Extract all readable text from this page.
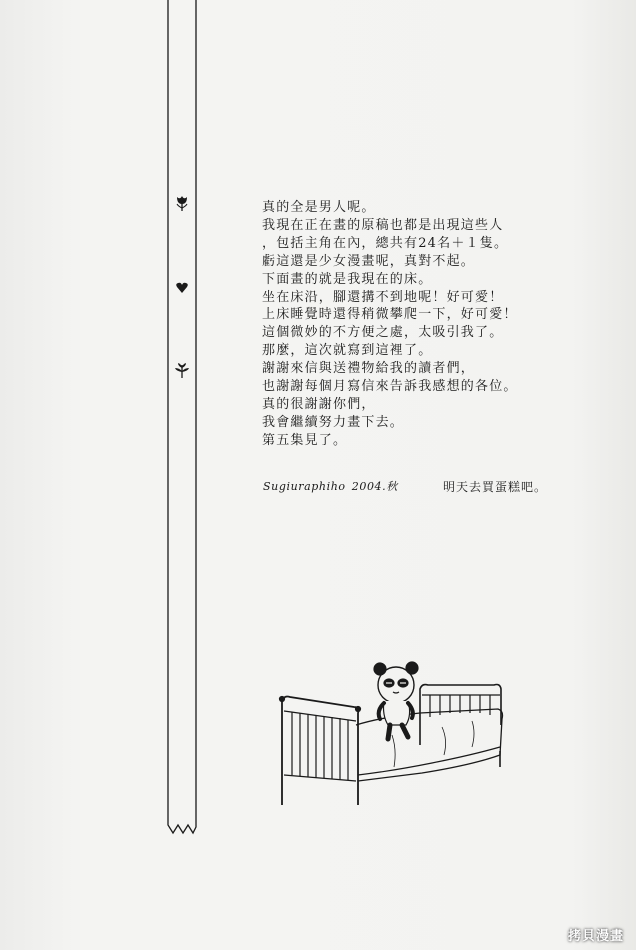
真的全是男人呢。
我現在正在畫的原稿也都是出現這些人
，包括主角在內，總共有24名＋１隻。
虧這還是少女漫畫呢，真對不起。
下面畫的就是我現在的床。
坐在床沿，腳還搆不到地呢！好可愛！
上床睡覺時還得稍微攀爬一下，好可愛！
這個微妙的不方便之處，太吸引我了。
那麼，這次就寫到這裡了。
謝謝來信與送禮物給我的讀者們，
也謝謝每個月寫信來告訴我感想的各位。
真的很謝謝你們，
我會繼續努力畫下去。
第五集見了。
Sugiuraphiho 2004.秋	明天去買蛋糕吧。
拷貝漫畫
